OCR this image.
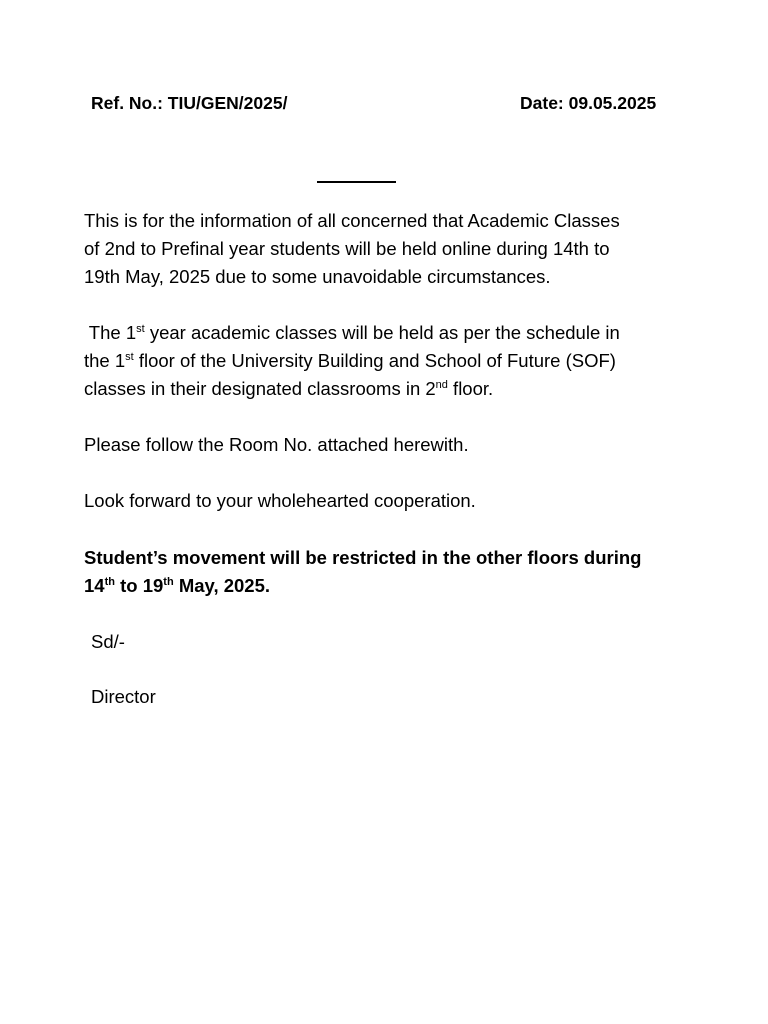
Ref. No.: TIU/GEN/2025/	Date: 09.05.2025

This is for the information of all concerned that Academic Classes
of 2nd to Prefinal year students will be held online during 14th to
19th May, 2025 due to some unavoidable circumstances.

The 1st year academic classes will be held as per the schedule in
the 1st floor of the University Building and School of Future (SOF)
classes in their designated classrooms in 2nd floor.

Please follow the Room No. attached herewith.

Look forward to your wholehearted cooperation.

Student’s movement will be restricted in the other floors during
14th to 19th May, 2025.

Sd/-
Director
